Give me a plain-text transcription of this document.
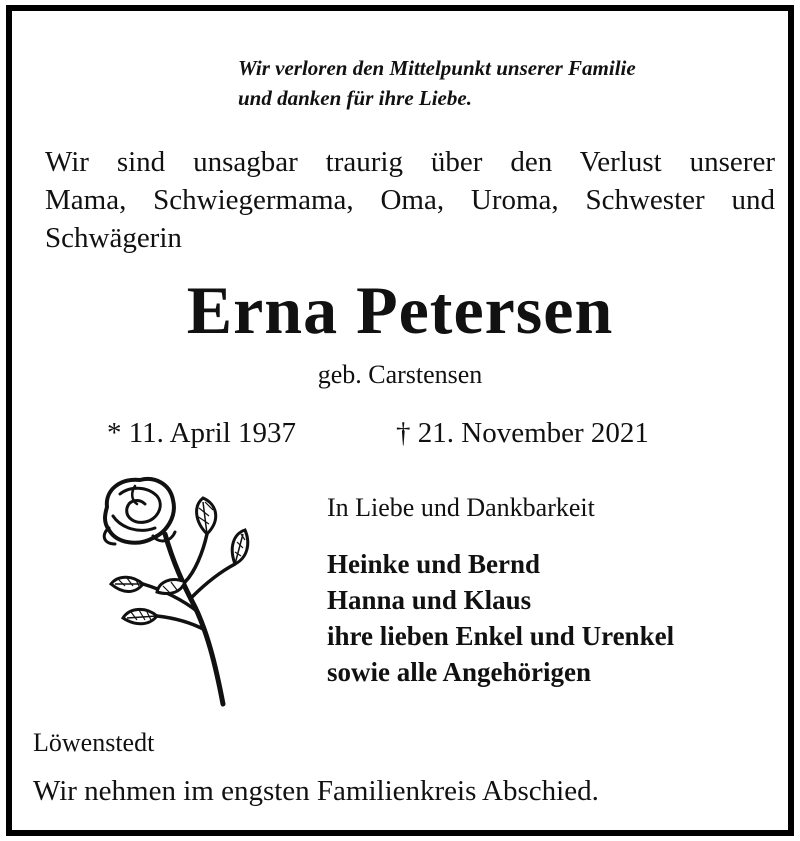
Wir verloren den Mittelpunkt unserer Familie
und danken für ihre Liebe.
Wir sind unsagbar traurig über den Verlust unserer
Mama, Schwiegermama, Oma, Uroma, Schwester und
Schwägerin
Erna Petersen
geb. Carstensen
* 11. April 1937	† 21. November 2021
In Liebe und Dankbarkeit
Heinke und Bernd
Hanna und Klaus
ihre lieben Enkel und Urenkel
sowie alle Angehörigen
Löwenstedt
Wir nehmen im engsten Familienkreis Abschied.
